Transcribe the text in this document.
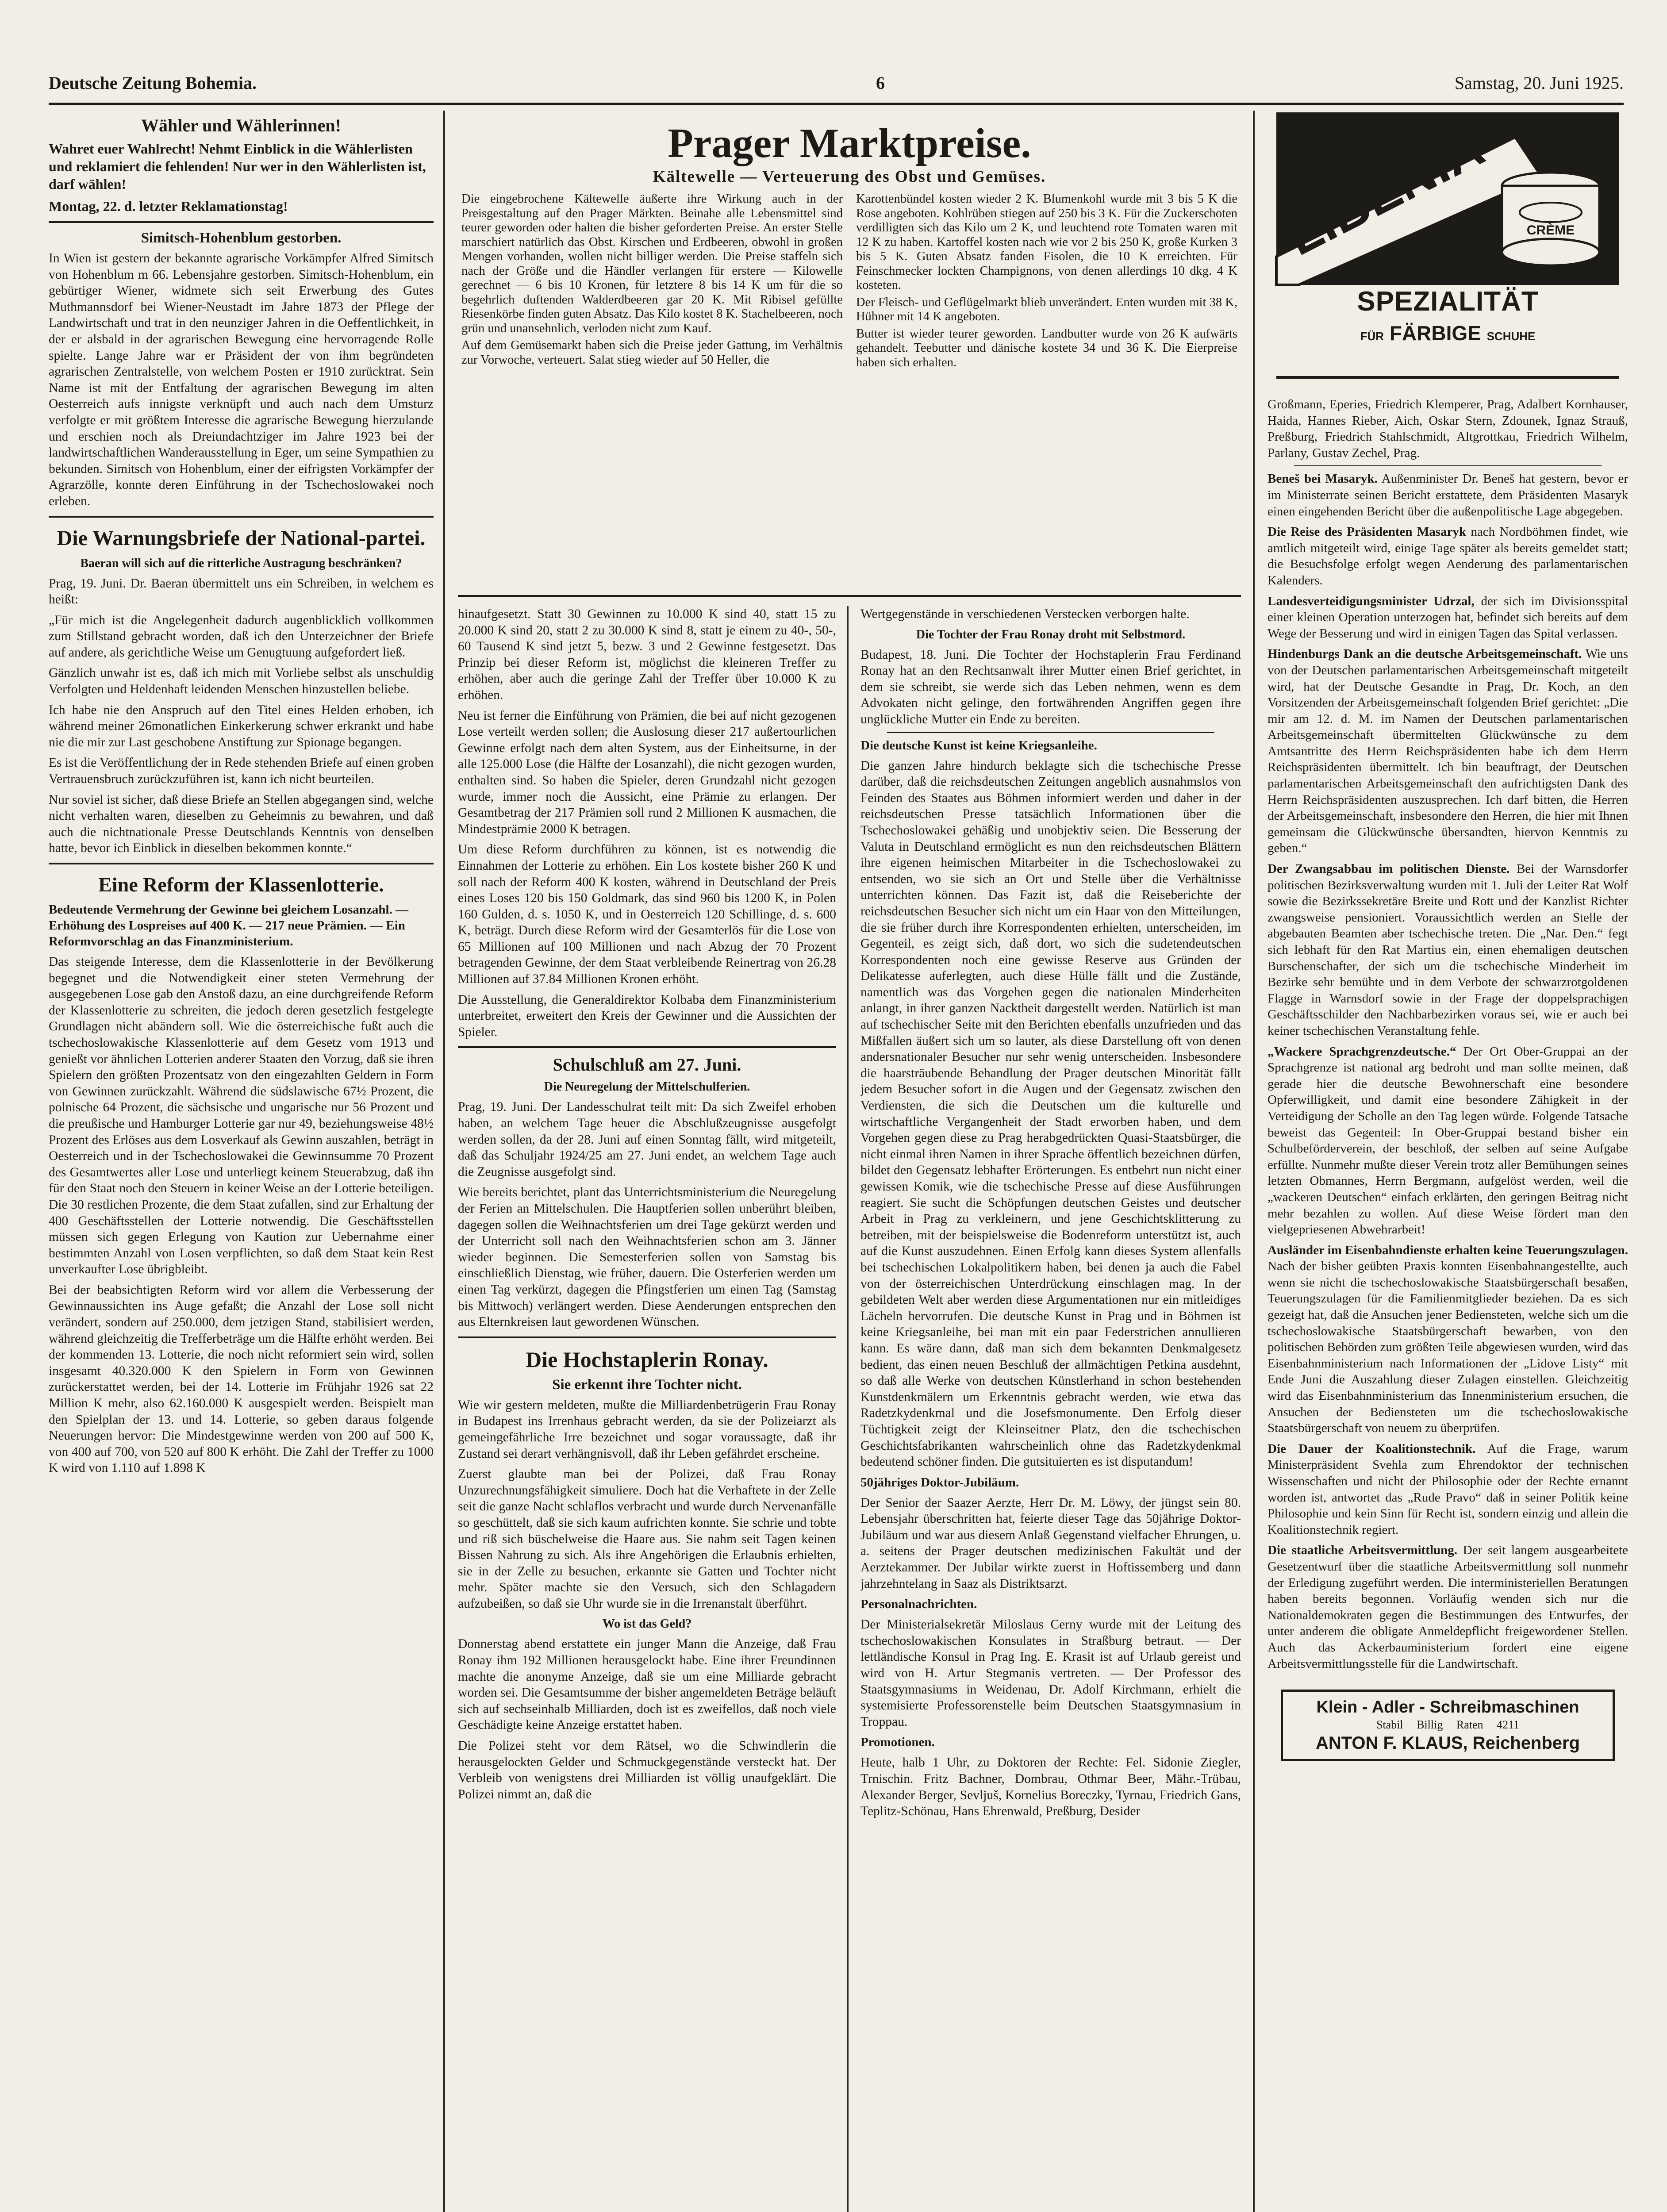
Deutsche Zeitung Bohemia.	6	Samstag, 20. Juni 1925.
Wähler und Wählerinnen!

Wahret euer Wahlrecht! Nehmt Einblick in die Wählerlisten und reklamiert die fehlenden! Nur wer in den Wählerlisten ist, darf wählen!

Montag, 22. d. letzter Reklamationstag!

Simitsch-Hohenblum gestorben.

In Wien ist gestern der bekannte agrarische Vorkämpfer Alfred Simitsch von Hohenblum m 66. Lebensjahre gestorben. Simitsch-Hohenblum, ein gebürtiger Wiener, widmete sich seit Erwerbung des Gutes Muthmannsdorf bei Wiener-Neustadt im Jahre 1873 der Pflege der Landwirtschaft und trat in den neunziger Jahren in die Oeffentlichkeit, in der er alsbald in der agrarischen Bewegung eine hervorragende Rolle spielte. Lange Jahre war er Präsident der von ihm begründeten agrarischen Zentralstelle, von welchem Posten er 1910 zurücktrat. Sein Name ist mit der Entfaltung der agrarischen Bewegung im alten Oesterreich aufs innigste verknüpft und auch nach dem Umsturz verfolgte er mit größtem Interesse die agrarische Bewegung hierzulande und erschien noch als Dreiundachtziger im Jahre 1923 bei der landwirtschaftlichen Wanderausstellung in Eger, um seine Sympathien zu bekunden. Simitsch von Hohenblum, einer der eifrigsten Vorkämpfer der Agrarzölle, konnte deren Einführung in der Tschechoslowakei noch erleben.

Die Warnungsbriefe der National-partei.

Baeran will sich auf die ritterliche Austragung beschränken?

Prag, 19. Juni. Dr. Baeran übermittelt uns ein Schreiben, in welchem es heißt:

„Für mich ist die Angelegenheit dadurch augenblicklich vollkommen zum Stillstand gebracht worden, daß ich den Unterzeichner der Briefe auf andere, als gerichtliche Weise um Genugtuung aufgefordert ließ.

Gänzlich unwahr ist es, daß ich mich mit Vorliebe selbst als unschuldig Verfolgten und Heldenhaft leidenden Menschen hinzustellen beliebe.

Ich habe nie den Anspruch auf den Titel eines Helden erhoben, ich während meiner 26monatlichen Einkerkerung schwer erkrankt und habe nie die mir zur Last geschobene Anstiftung zur Spionage begangen.

Es ist die Veröffentlichung der in Rede stehenden Briefe auf einen groben Vertrauensbruch zurückzuführen ist, kann ich nicht beurteilen.

Nur soviel ist sicher, daß diese Briefe an Stellen abgegangen sind, welche nicht verhalten waren, dieselben zu Geheimnis zu bewahren, und daß auch die nichtnationale Presse Deutschlands Kenntnis von denselben hatte, bevor ich Einblick in dieselben bekommen konnte.“

Eine Reform der Klassenlotterie.

Bedeutende Vermehrung der Gewinne bei gleichem Losanzahl. — Erhöhung des Lospreises auf 400 K. — 217 neue Prämien. — Ein Reformvorschlag an das Finanzministerium.

Das steigende Interesse, dem die Klassenlotterie in der Bevölkerung begegnet und die Notwendigkeit einer steten Vermehrung der ausgegebenen Lose gab den Anstoß dazu, an eine durchgreifende Reform der Klassenlotterie zu schreiten, die jedoch deren gesetzlich festgelegte Grundlagen nicht abändern soll. Wie die österreichische fußt auch die tschechoslowakische Klassenlotterie auf dem Gesetz vom 1913 und genießt vor ähnlichen Lotterien anderer Staaten den Vorzug, daß sie ihren Spielern den größten Prozentsatz von den eingezahlten Geldern in Form von Gewinnen zurückzahlt. Während die südslawische 67½ Prozent, die polnische 64 Prozent, die sächsische und ungarische nur 56 Prozent und die preußische und Hamburger Lotterie gar nur 49, beziehungsweise 48½ Prozent des Erlöses aus dem Losverkauf als Gewinn auszahlen, beträgt in Oesterreich und in der Tschechoslowakei die Gewinnsumme 70 Prozent des Gesamtwertes aller Lose und unterliegt keinem Steuerabzug, daß ihn für den Staat noch den Steuern in keiner Weise an der Lotterie beteiligen. Die 30 restlichen Prozente, die dem Staat zufallen, sind zur Erhaltung der 400 Geschäftsstellen der Lotterie notwendig. Die Geschäftsstellen müssen sich gegen Erlegung von Kaution zur Uebernahme einer bestimmten Anzahl von Losen verpflichten, so daß dem Staat kein Rest unverkaufter Lose übrigbleibt.

Bei der beabsichtigten Reform wird vor allem die Verbesserung der Gewinnaussichten ins Auge gefaßt; die Anzahl der Lose soll nicht verändert, sondern auf 250.000, dem jetzigen Stand, stabilisiert werden, während gleichzeitig die Trefferbeträge um die Hälfte erhöht werden. Bei der kommenden 13. Lotterie, die noch nicht reformiert sein wird, sollen insgesamt 40.320.000 K den Spielern in Form von Gewinnen zurückerstattet werden, bei der 14. Lotterie im Frühjahr 1926 sat 22 Million K mehr, also 62.160.000 K ausgespielt werden. Beispielt man den Spielplan der 13. und 14. Lotterie, so geben daraus folgende Neuerungen hervor: Die Mindestgewinne werden von 200 auf 500 K, von 400 auf 700, von 520 auf 800 K erhöht. Die Zahl der Treffer zu 1000 K wird von 1.110 auf 1.898 K

Prager Marktpreise.
Kältewelle — Verteuerung des Obst und Gemüses.

Die eingebrochene Kältewelle äußerte ihre Wirkung auch in der Preisgestaltung auf den Prager Märkten. Beinahe alle Lebensmittel sind teurer geworden oder halten die bisher geforderten Preise. An erster Stelle marschiert natürlich das Obst. Kirschen und Erdbeeren, obwohl in großen Mengen vorhanden, wollen nicht billiger werden. Die Preise staffeln sich nach der Größe und die Händler verlangen für erstere — Kilowelle gerechnet — 6 bis 10 Kronen, für letztere 8 bis 14 K um für die so begehrlich duftenden Walderdbeeren gar 20 K. Mit Ribisel gefüllte Riesenkörbe finden guten Absatz. Das Kilo kostet 8 K. Stachelbeeren, noch grün und unansehnlich, verloden nicht zum Kauf.

Auf dem Gemüsemarkt haben sich die Preise jeder Gattung, im Verhältnis zur Vorwoche, verteuert. Salat stieg wieder auf 50 Heller, die

Karottenbündel kosten wieder 2 K. Blumenkohl wurde mit 3 bis 5 K die Rose angeboten. Kohlrüben stiegen auf 250 bis 3 K. Für die Zuckerschoten verdilligten sich das Kilo um 2 K, und leuchtend rote Tomaten waren mit 12 K zu haben. Kartoffel kosten nach wie vor 2 bis 250 K, große Kurken 3 bis 5 K. Guten Absatz fanden Fisolen, die 10 K erreichten. Für Feinschmecker lockten Champignons, von denen allerdings 10 dkg. 4 K kosteten.

Der Fleisch- und Geflügelmarkt blieb unverändert. Enten wurden mit 38 K, Hühner mit 14 K angeboten.

Butter ist wieder teurer geworden. Landbutter wurde von 26 K aufwärts gehandelt. Teebutter und dänische kostete 34 und 36 K. Die Eierpreise haben sich erhalten.

hinaufgesetzt. Statt 30 Gewinnen zu 10.000 K sind 40, statt 15 zu 20.000 K sind 20, statt 2 zu 30.000 K sind 8, statt je einem zu 40-, 50-, 60 Tausend K sind jetzt 5, bezw. 3 und 2 Gewinne festgesetzt. Das Prinzip bei dieser Reform ist, möglichst die kleineren Treffer zu erhöhen, aber auch die geringe Zahl der Treffer über 10.000 K zu erhöhen.

Neu ist ferner die Einführung von Prämien, die bei auf nicht gezogenen Lose verteilt werden sollen; die Auslosung dieser 217 außertourlichen Gewinne erfolgt nach dem alten System, aus der Einheitsurne, in der alle 125.000 Lose (die Hälfte der Losanzahl), die nicht gezogen wurden, enthalten sind. So haben die Spieler, deren Grundzahl nicht gezogen wurde, immer noch die Aussicht, eine Prämie zu erlangen. Der Gesamtbetrag der 217 Prämien soll rund 2 Millionen K ausmachen, die Mindestprämie 2000 K betragen.

Um diese Reform durchführen zu können, ist es notwendig die Einnahmen der Lotterie zu erhöhen. Ein Los kostete bisher 260 K und soll nach der Reform 400 K kosten, während in Deutschland der Preis eines Loses 120 bis 150 Goldmark, das sind 960 bis 1200 K, in Polen 160 Gulden, d. s. 1050 K, und in Oesterreich 120 Schillinge, d. s. 600 K, beträgt. Durch diese Reform wird der Gesamterlös für die Lose von 65 Millionen auf 100 Millionen und nach Abzug der 70 Prozent betragenden Gewinne, der dem Staat verbleibende Reinertrag von 26.28 Millionen auf 37.84 Millionen Kronen erhöht.

Die Ausstellung, die Generaldirektor Kolbaba dem Finanzministerium unterbreitet, erweitert den Kreis der Gewinner und die Aussichten der Spieler.

Schulschluß am 27. Juni.

Die Neuregelung der Mittelschulferien.

Prag, 19. Juni. Der Landesschulrat teilt mit: Da sich Zweifel erhoben haben, an welchem Tage heuer die Abschlußzeugnisse ausgefolgt werden sollen, da der 28. Juni auf einen Sonntag fällt, wird mitgeteilt, daß das Schuljahr 1924/25 am 27. Juni endet, an welchem Tage auch die Zeugnisse ausgefolgt sind.

Wie bereits berichtet, plant das Unterrichtsministerium die Neuregelung der Ferien an Mittelschulen. Die Hauptferien sollen unberührt bleiben, dagegen sollen die Weihnachtsferien um drei Tage gekürzt werden und der Unterricht soll nach den Weihnachtsferien schon am 3. Jänner wieder beginnen. Die Semesterferien sollen von Samstag bis einschließlich Dienstag, wie früher, dauern. Die Osterferien werden um einen Tag verkürzt, dagegen die Pfingstferien um einen Tag (Samstag bis Mittwoch) verlängert werden. Diese Aenderungen entsprechen den aus Elternkreisen laut gewordenen Wünschen.

Die Hochstaplerin Ronay.

Sie erkennt ihre Tochter nicht.

Wie wir gestern meldeten, mußte die Milliardenbetrügerin Frau Ronay in Budapest ins Irrenhaus gebracht werden, da sie der Polizeiarzt als gemeingefährliche Irre bezeichnet und sogar voraussagte, daß ihr Zustand sei derart verhängnisvoll, daß ihr Leben gefährdet erscheine.

Zuerst glaubte man bei der Polizei, daß Frau Ronay Unzurechnungsfähigkeit simuliere. Doch hat die Verhaftete in der Zelle seit die ganze Nacht schlaflos verbracht und wurde durch Nervenanfälle so geschüttelt, daß sie sich kaum aufrichten konnte. Sie schrie und tobte und riß sich büschelweise die Haare aus. Sie nahm seit Tagen keinen Bissen Nahrung zu sich. Als ihre Angehörigen die Erlaubnis erhielten, sie in der Zelle zu besuchen, erkannte sie Gatten und Tochter nicht mehr. Später machte sie den Versuch, sich den Schlagadern aufzubeißen, so daß sie Uhr wurde sie in die Irrenanstalt überführt.

Wo ist das Geld?

Donnerstag abend erstattete ein junger Mann die Anzeige, daß Frau Ronay ihm 192 Millionen herausgelockt habe. Eine ihrer Freundinnen machte die anonyme Anzeige, daß sie um eine Milliarde gebracht worden sei. Die Gesamtsumme der bisher angemeldeten Beträge beläuft sich auf sechseinhalb Milliarden, doch ist es zweifellos, daß noch viele Geschädigte keine Anzeige erstattet haben.

Die Polizei steht vor dem Rätsel, wo die Schwindlerin die herausgelockten Gelder und Schmuckgegenstände versteckt hat. Der Verbleib von wenigstens drei Milliarden ist völlig unaufgeklärt. Die Polizei nimmt an, daß die

Wertgegenstände in verschiedenen Verstecken verborgen halte.

Die Tochter der Frau Ronay droht mit Selbstmord.

Budapest, 18. Juni. Die Tochter der Hochstaplerin Frau Ferdinand Ronay hat an den Rechtsanwalt ihrer Mutter einen Brief gerichtet, in dem sie schreibt, sie werde sich das Leben nehmen, wenn es dem Advokaten nicht gelinge, den fortwährenden Angriffen gegen ihre unglückliche Mutter ein Ende zu bereiten.

Die deutsche Kunst ist keine Kriegsanleihe.

Die ganzen Jahre hindurch beklagte sich die tschechische Presse darüber, daß die reichsdeutschen Zeitungen angeblich ausnahmslos von Feinden des Staates aus Böhmen informiert werden und daher in der reichsdeutschen Presse tatsächlich Informationen über die Tschechoslowakei gehäßig und unobjektiv seien. Die Besserung der Valuta in Deutschland ermöglicht es nun den reichsdeutschen Blättern ihre eigenen heimischen Mitarbeiter in die Tschechoslowakei zu entsenden, wo sie sich an Ort und Stelle über die Verhältnisse unterrichten können. Das Fazit ist, daß die Reiseberichte der reichsdeutschen Besucher sich nicht um ein Haar von den Mitteilungen, die sie früher durch ihre Korrespondenten erhielten, unterscheiden, im Gegenteil, es zeigt sich, daß dort, wo sich die sudetendeutschen Korrespondenten noch eine gewisse Reserve aus Gründen der Delikatesse auferlegten, auch diese Hülle fällt und die Zustände, namentlich was das Vorgehen gegen die nationalen Minderheiten anlangt, in ihrer ganzen Nacktheit dargestellt werden. Natürlich ist man auf tschechischer Seite mit den Berichten ebenfalls unzufrieden und das Mißfallen äußert sich um so lauter, als diese Darstellung oft von denen andersnationaler Besucher nur sehr wenig unterscheiden. Insbesondere die haarsträubende Behandlung der Prager deutschen Minorität fällt jedem Besucher sofort in die Augen und der Gegensatz zwischen den Verdiensten, die sich die Deutschen um die kulturelle und wirtschaftliche Vergangenheit der Stadt erworben haben, und dem Vorgehen gegen diese zu Prag herabgedrückten Quasi-Staatsbürger, die nicht einmal ihren Namen in ihrer Sprache öffentlich bezeichnen dürfen, bildet den Gegensatz lebhafter Erörterungen. Es entbehrt nun nicht einer gewissen Komik, wie die tschechische Presse auf diese Ausführungen reagiert. Sie sucht die Schöpfungen deutschen Geistes und deutscher Arbeit in Prag zu verkleinern, und jene Geschichtsklitterung zu betreiben, mit der beispielsweise die Bodenreform unterstützt ist, auch auf die Kunst auszudehnen. Einen Erfolg kann dieses System allenfalls bei tschechischen Lokalpolitikern haben, bei denen ja auch die Fabel von der österreichischen Unterdrückung einschlagen mag. In der gebildeten Welt aber werden diese Argumentationen nur ein mitleidiges Lächeln hervorrufen. Die deutsche Kunst in Prag und in Böhmen ist keine Kriegsanleihe, bei man mit ein paar Federstrichen annullieren kann. Es wäre dann, daß man sich dem bekannten Denkmalgesetz bedient, das einen neuen Beschluß der allmächtigen Petkina ausdehnt, so daß alle Werke von deutschen Künstlerhand in schon bestehenden Kunstdenkmälern um Erkenntnis gebracht werden, wie etwa das Radetzkydenkmal und die Josefsmonumente. Den Erfolg dieser Tüchtigkeit zeigt der Kleinseitner Platz, den die tschechischen Geschichtsfabrikanten wahrscheinlich ohne das Radetzkydenkmal bedeutend schöner finden. Die gutsituierten es ist disputandum!

50jähriges Doktor-Jubiläum.

Der Senior der Saazer Aerzte, Herr Dr. M. Löwy, der jüngst sein 80. Lebensjahr überschritten hat, feierte dieser Tage das 50jährige Doktor-Jubiläum und war aus diesem Anlaß Gegenstand vielfacher Ehrungen, u. a. seitens der Prager deutschen medizinischen Fakultät und der Aerztekammer. Der Jubilar wirkte zuerst in Hoftissemberg und dann jahrzehntelang in Saaz als Distriktsarzt.

Personalnachrichten.

Der Ministerialsekretär Miloslaus Cerny wurde mit der Leitung des tschechoslowakischen Konsulates in Straßburg betraut. — Der lettländische Konsul in Prag Ing. E. Krasit ist auf Urlaub gereist und wird von H. Artur Stegmanis vertreten. — Der Professor des Staatsgymnasiums in Weidenau, Dr. Adolf Kirchmann, erhielt die systemisierte Professorenstelle beim Deutschen Staatsgymnasium in Troppau.

Promotionen.

Heute, halb 1 Uhr, zu Doktoren der Rechte: Fel. Sidonie Ziegler, Trnischin. Fritz Bachner, Dombrau, Othmar Beer, Mähr.-Trübau, Alexander Berger, Sevljuš, Kornelius Boreczky, Tyrnau, Friedrich Gans, Teplitz-Schönau, Hans Ehrenwald, Preßburg, Desider

LIBENIA	CRÈME
SPEZIALITÄT
FÜR FÄRBIGE SCHUHE

Großmann, Eperies, Friedrich Klemperer, Prag, Adalbert Kornhauser, Haida, Hannes Rieber, Aich, Oskar Stern, Zdounek, Ignaz Strauß, Preßburg, Friedrich Stahlschmidt, Altgrottkau, Friedrich Wilhelm, Parlany, Gustav Zechel, Prag.

Beneš bei Masaryk. Außenminister Dr. Beneš hat gestern, bevor er im Ministerrate seinen Bericht erstattete, dem Präsidenten Masaryk einen eingehenden Bericht über die außenpolitische Lage abgegeben.

Die Reise des Präsidenten Masaryk nach Nordböhmen findet, wie amtlich mitgeteilt wird, einige Tage später als bereits gemeldet statt; die Besuchsfolge erfolgt wegen Aenderung des parlamentarischen Kalenders.

Landesverteidigungsminister Udrzal, der sich im Divisionsspital einer kleinen Operation unterzogen hat, befindet sich bereits auf dem Wege der Besserung und wird in einigen Tagen das Spital verlassen.

Hindenburgs Dank an die deutsche Arbeitsgemeinschaft. Wie uns von der Deutschen parlamentarischen Arbeitsgemeinschaft mitgeteilt wird, hat der Deutsche Gesandte in Prag, Dr. Koch, an den Vorsitzenden der Arbeitsgemeinschaft folgenden Brief gerichtet: „Die mir am 12. d. M. im Namen der Deutschen parlamentarischen Arbeitsgemeinschaft übermittelten Glückwünsche zu dem Amtsantritte des Herrn Reichspräsidenten habe ich dem Herrn Reichspräsidenten übermittelt. Ich bin beauftragt, der Deutschen parlamentarischen Arbeitsgemeinschaft den aufrichtigsten Dank des Herrn Reichspräsidenten auszusprechen. Ich darf bitten, die Herren der Arbeitsgemeinschaft, insbesondere den Herren, die hier mit Ihnen gemeinsam die Glückwünsche übersandten, hiervon Kenntnis zu geben.“

Der Zwangsabbau im politischen Dienste. Bei der Warnsdorfer politischen Bezirksverwaltung wurden mit 1. Juli der Leiter Rat Wolf sowie die Bezirkssekretäre Breite und Rott und der Kanzlist Richter zwangsweise pensioniert. Voraussichtlich werden an Stelle der abgebauten Beamten aber tschechische treten. Die „Nar. Den.“ fegt sich lebhaft für den Rat Martius ein, einen ehemaligen deutschen Burschenschafter, der sich um die tschechische Minderheit im Bezirke sehr bemühte und in dem Verbote der schwarzrotgoldenen Flagge in Warnsdorf sowie in der Frage der doppelsprachigen Geschäftsschilder den Nachbarbezirken voraus sei, wie er auch bei keiner tschechischen Veranstaltung fehle.

„Wackere Sprachgrenzdeutsche.“ Der Ort Ober-Gruppai an der Sprachgrenze ist national arg bedroht und man sollte meinen, daß gerade hier die deutsche Bewohnerschaft eine besondere Opferwilligkeit, und damit eine besondere Zähigkeit in der Verteidigung der Scholle an den Tag legen würde. Folgende Tatsache beweist das Gegenteil: In Ober-Gruppai bestand bisher ein Schulbeförderverein, der beschloß, der selben auf seine Aufgabe erfüllte. Nunmehr mußte dieser Verein trotz aller Bemühungen seines letzten Obmannes, Herrn Bergmann, aufgelöst werden, weil die „wackeren Deutschen“ einfach erklärten, den geringen Beitrag nicht mehr bezahlen zu wollen. Auf diese Weise fördert man den vielgepriesenen Abwehrarbeit!

Ausländer im Eisenbahndienste erhalten keine Teuerungszulagen. Nach der bisher geübten Praxis konnten Eisenbahnangestellte, auch wenn sie nicht die tschechoslowakische Staatsbürgerschaft besaßen, Teuerungszulagen für die Familienmitglieder beziehen. Da es sich gezeigt hat, daß die Ansuchen jener Bediensteten, welche sich um die tschechoslowakische Staatsbürgerschaft bewarben, von den politischen Behörden zum größten Teile abgewiesen wurden, wird das Eisenbahnministerium nach Informationen der „Lidove Listy“ mit Ende Juni die Auszahlung dieser Zulagen einstellen. Gleichzeitig wird das Eisenbahnministerium das Innenministerium ersuchen, die Ansuchen der Bediensteten um die tschechoslowakische Staatsbürgerschaft von neuem zu überprüfen.

Die Dauer der Koalitionstechnik. Auf die Frage, warum Ministerpräsident Svehla zum Ehrendoktor der technischen Wissenschaften und nicht der Philosophie oder der Rechte ernannt worden ist, antwortet das „Rude Pravo“ daß in seiner Politik keine Philosophie und kein Sinn für Recht ist, sondern einzig und allein die Koalitionstechnik regiert.

Die staatliche Arbeitsvermittlung. Der seit langem ausgearbeitete Gesetzentwurf über die staatliche Arbeitsvermittlung soll nunmehr der Erledigung zugeführt werden. Die interministeriellen Beratungen haben bereits begonnen. Vorläufig wenden sich nur die Nationaldemokraten gegen die Bestimmungen des Entwurfes, der unter anderem die obligate Anmeldepflicht freigewordener Stellen. Auch das Ackerbauministerium fordert eine eigene Arbeitsvermittlungsstelle für die Landwirtschaft.

Klein - Adler - Schreibmaschinen
Stabil Billig Raten 4211
ANTON F. KLAUS, Reichenberg
